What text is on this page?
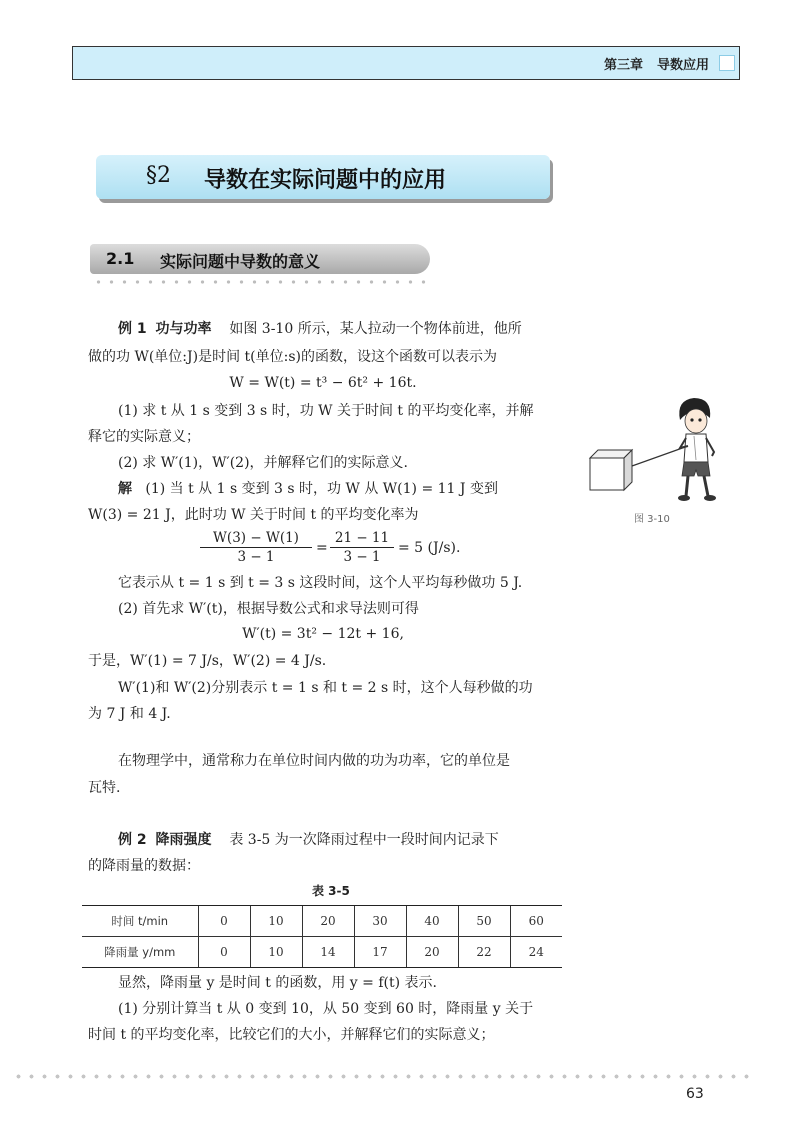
第三章 导数应用
§2 导数在实际问题中的应用
2.1 实际问题中导数的意义
例 1 功与功率 如图 3-10 所示，某人拉动一个物体前进，他所
做的功 W(单位:J)是时间 t(单位:s)的函数，设这个函数可以表示为
W = W(t) = t³ − 6t² + 16t.
(1) 求 t 从 1 s 变到 3 s 时，功 W 关于时间 t 的平均变化率，并解
释它的实际意义；
(2) 求 W′(1)，W′(2)，并解释它们的实际意义.
解 (1) 当 t 从 1 s 变到 3 s 时，功 W 从 W(1) = 11 J 变到
W(3) = 21 J，此时功 W 关于时间 t 的平均变化率为
$\frac{W(3) - W(1)}{3 - 1} = \frac{21 - 11}{3 - 1} = 5$ (J/s).
它表示从 t = 1 s 到 t = 3 s 这段时间，这个人平均每秒做功 5 J.
(2) 首先求 W′(t)，根据导数公式和求导法则可得
W′(t) = 3t² − 12t + 16,
于是，W′(1) = 7 J/s，W′(2) = 4 J/s.
W′(1)和 W′(2)分别表示 t = 1 s 和 t = 2 s 时，这个人每秒做的功
为 7 J 和 4 J.
图 3-10
在物理学中，通常称力在单位时间内做的功为功率，它的单位是
瓦特.
例 2 降雨强度 表 3-5 为一次降雨过程中一段时间内记录下
的降雨量的数据：
表 3-5
时间 t/min	0	10	20	30	40	50	60
降雨量 y/mm	0	10	14	17	20	22	24
显然，降雨量 y 是时间 t 的函数，用 y = f(t) 表示.
(1) 分别计算当 t 从 0 变到 10，从 50 变到 60 时，降雨量 y 关于
时间 t 的平均变化率，比较它们的大小，并解释它们的实际意义；
63
